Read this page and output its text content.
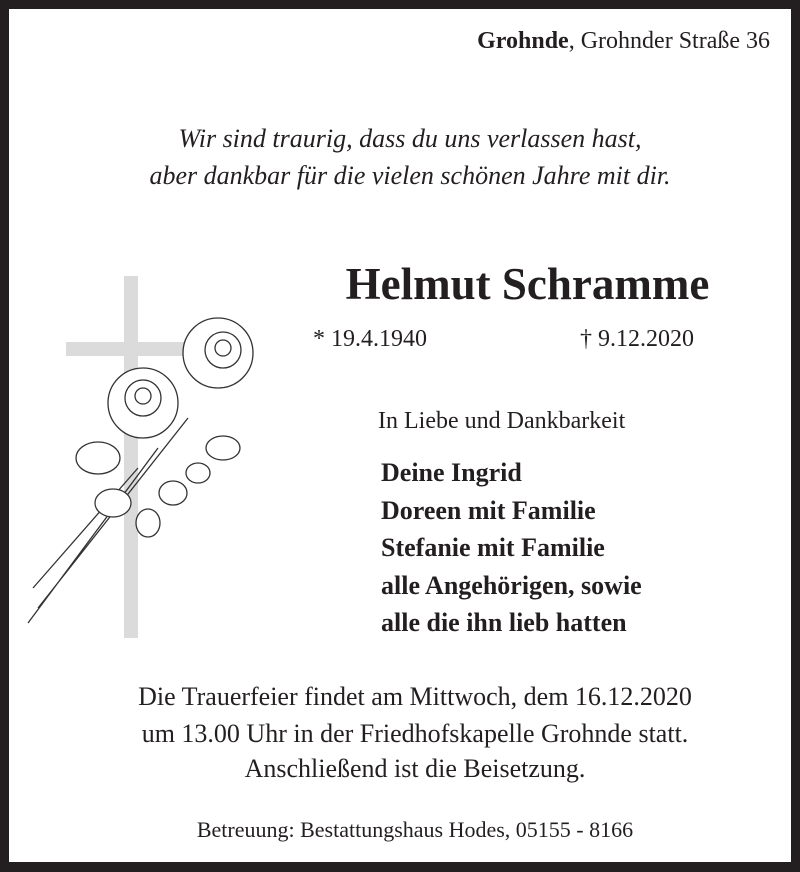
Grohnde, Grohnder Straße 36
Wir sind traurig, dass du uns verlassen hast,
aber dankbar für die vielen schönen Jahre mit dir.
Helmut Schramme
* 19.4.1940	† 9.12.2020
In Liebe und Dankbarkeit
Deine Ingrid
Doreen mit Familie
Stefanie mit Familie
alle Angehörigen, sowie
alle die ihn lieb hatten
Die Trauerfeier findet am Mittwoch, dem 16.12.2020
um 13.00 Uhr in der Friedhofskapelle Grohnde statt.
Anschließend ist die Beisetzung.
Betreuung: Bestattungshaus Hodes, 05155 - 8166
